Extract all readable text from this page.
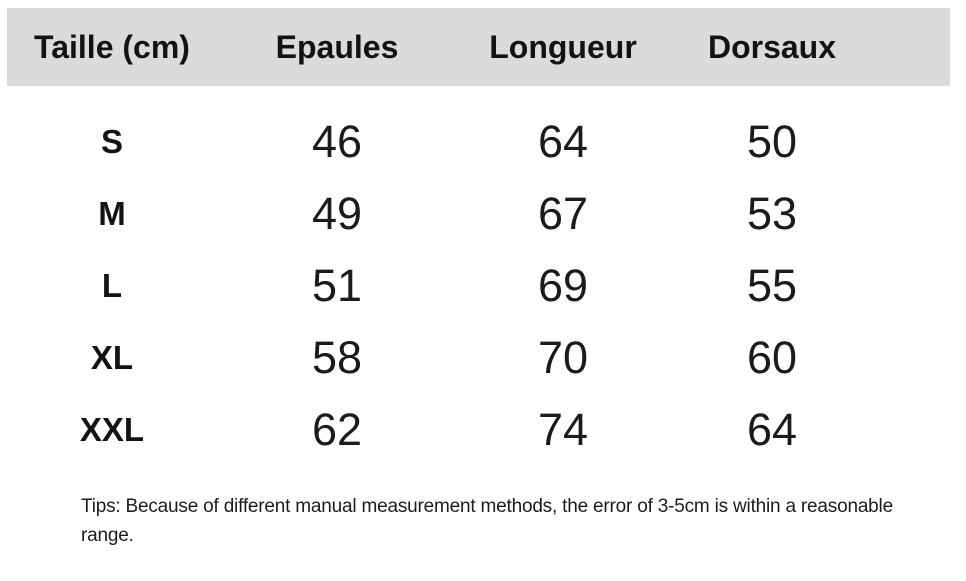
Taille (cm)	Epaules	Longueur	Dorsaux
S	46	64	50
M	49	67	53
L	51	69	55
XL	58	70	60
XXL	62	74	64
Tips: Because of different manual measurement methods, the error of 3-5cm is within a reasonable
range.
